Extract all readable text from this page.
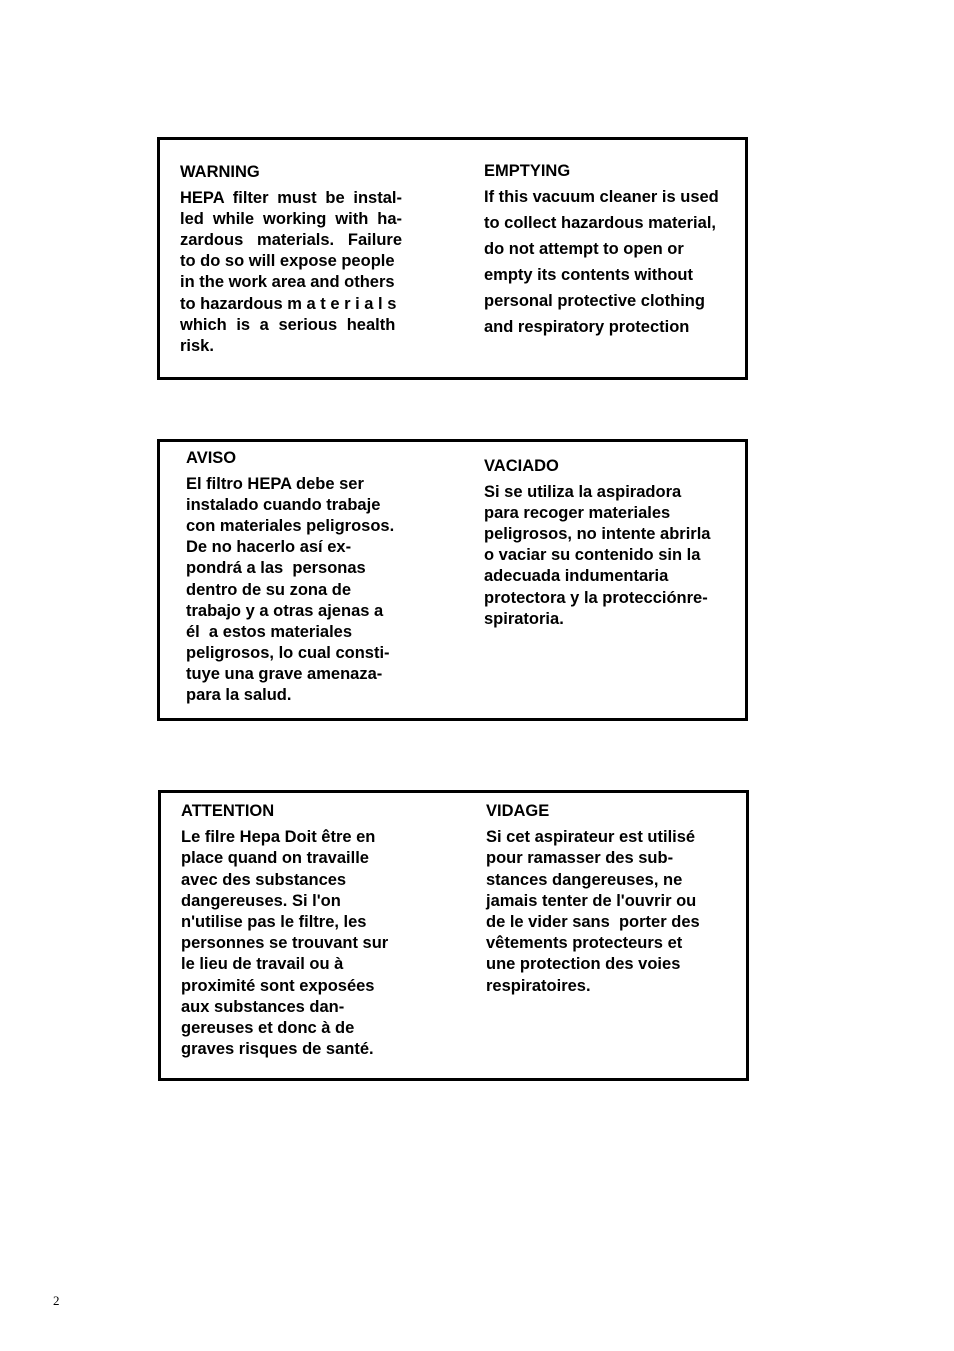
WARNING
HEPA filter must be instal-
led while working with ha-
zardous materials. Failure
to do so will expose people
in the work area and others
to hazardous m a t e r i a l s
which is a serious health
risk.
EMPTYING
If this vacuum cleaner is used
to collect hazardous material,
do not attempt to open or
empty its contents without
personal protective clothing
and respiratory protection
AVISO
El filtro HEPA debe ser
instalado cuando trabaje
con materiales peligrosos.
De no hacerlo así ex-
pondrá a las  personas
dentro de su zona de
trabajo y a otras ajenas a
él  a estos materiales
peligrosos, lo cual consti-
tuye una grave amenaza-
para la salud.
VACIADO
Si se utiliza la aspiradora
para recoger materiales
peligrosos, no intente abrirla
o vaciar su contenido sin la
adecuada indumentaria
protectora y la protecciónre-
spiratoria.
ATTENTION
Le filre Hepa Doit être en
place quand on travaille
avec des substances
dangereuses. Si l'on
n'utilise pas le filtre, les
personnes se trouvant sur
le lieu de travail ou à
proximité sont exposées
aux substances dan-
gereuses et donc à de
graves risques de santé.
VIDAGE
Si cet aspirateur est utilisé
pour ramasser des sub-
stances dangereuses, ne
jamais tenter de l'ouvrir ou
de le vider sans  porter des
vêtements protecteurs et
une protection des voies
respiratoires.
2
